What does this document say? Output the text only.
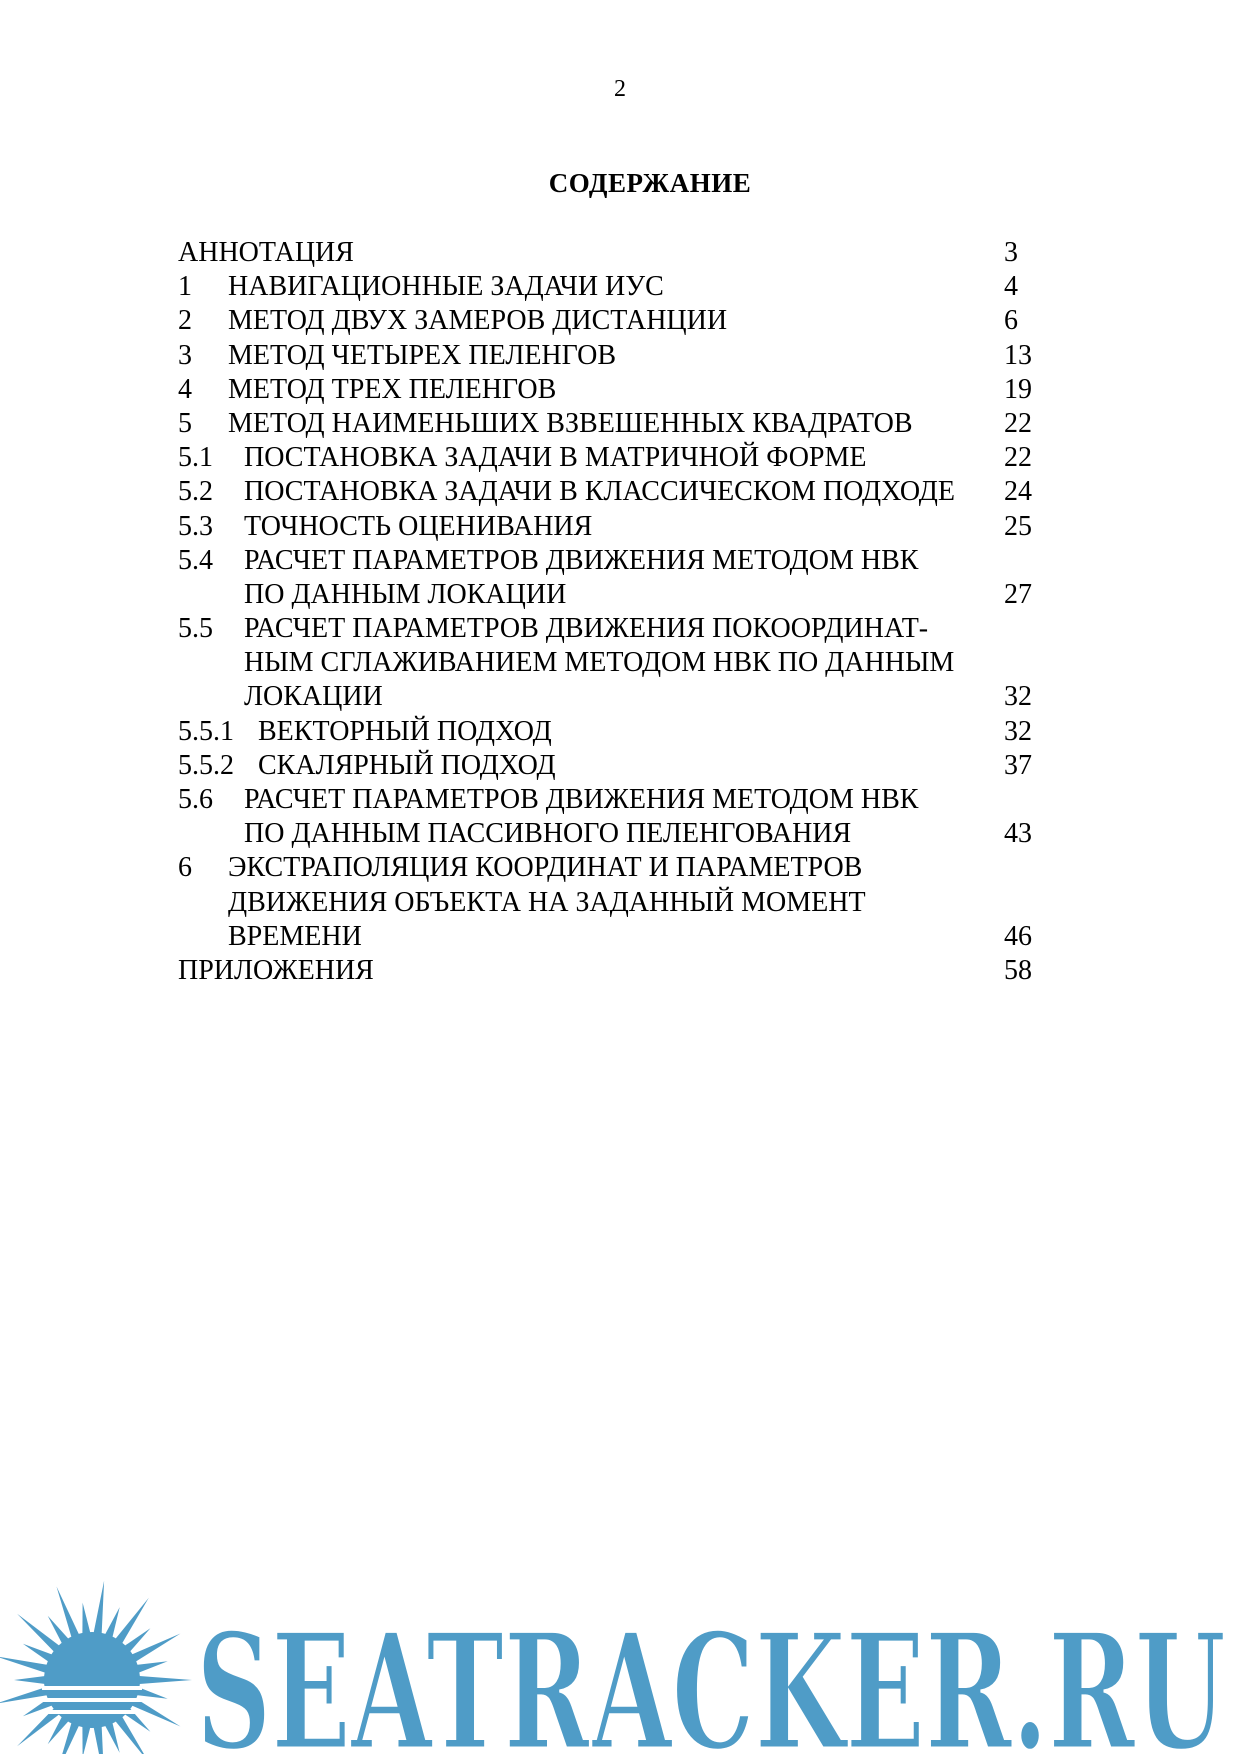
2
СОДЕРЖАНИЕ
АННОТАЦИЯ	3
1 НАВИГАЦИОННЫЕ ЗАДАЧИ ИУС	4
2 МЕТОД ДВУХ ЗАМЕРОВ ДИСТАНЦИИ	6
3 МЕТОД ЧЕТЫРЕХ ПЕЛЕНГОВ	13
4 МЕТОД ТРЕХ ПЕЛЕНГОВ	19
5 МЕТОД НАИМЕНЬШИХ ВЗВЕШЕННЫХ КВАДРАТОВ	22
5.1 ПОСТАНОВКА ЗАДАЧИ В МАТРИЧНОЙ ФОРМЕ	22
5.2 ПОСТАНОВКА ЗАДАЧИ В КЛАССИЧЕСКОМ ПОДХОДЕ 24
5.3 ТОЧНОСТЬ ОЦЕНИВАНИЯ	25
5.4 РАСЧЕТ ПАРАМЕТРОВ ДВИЖЕНИЯ МЕТОДОМ НВК
ПО ДАННЫМ ЛОКАЦИИ	27
5.5 РАСЧЕТ ПАРАМЕТРОВ ДВИЖЕНИЯ ПОКООРДИНАТ-
НЫМ СГЛАЖИВАНИЕМ МЕТОДОМ НВК ПО ДАННЫМ
ЛОКАЦИИ	32
5.5.1 ВЕКТОРНЫЙ ПОДХОД	32
5.5.2 СКАЛЯРНЫЙ ПОДХОД	37
5.6 РАСЧЕТ ПАРАМЕТРОВ ДВИЖЕНИЯ МЕТОДОМ НВК
ПО ДАННЫМ ПАССИВНОГО ПЕЛЕНГОВАНИЯ	43
6 ЭКСТРАПОЛЯЦИЯ КООРДИНАТ И ПАРАМЕТРОВ
ДВИЖЕНИЯ ОБЪЕКТА НА ЗАДАННЫЙ МОМЕНТ
ВРЕМЕНИ	46
ПРИЛОЖЕНИЯ	58
SEATRACKER.RU
